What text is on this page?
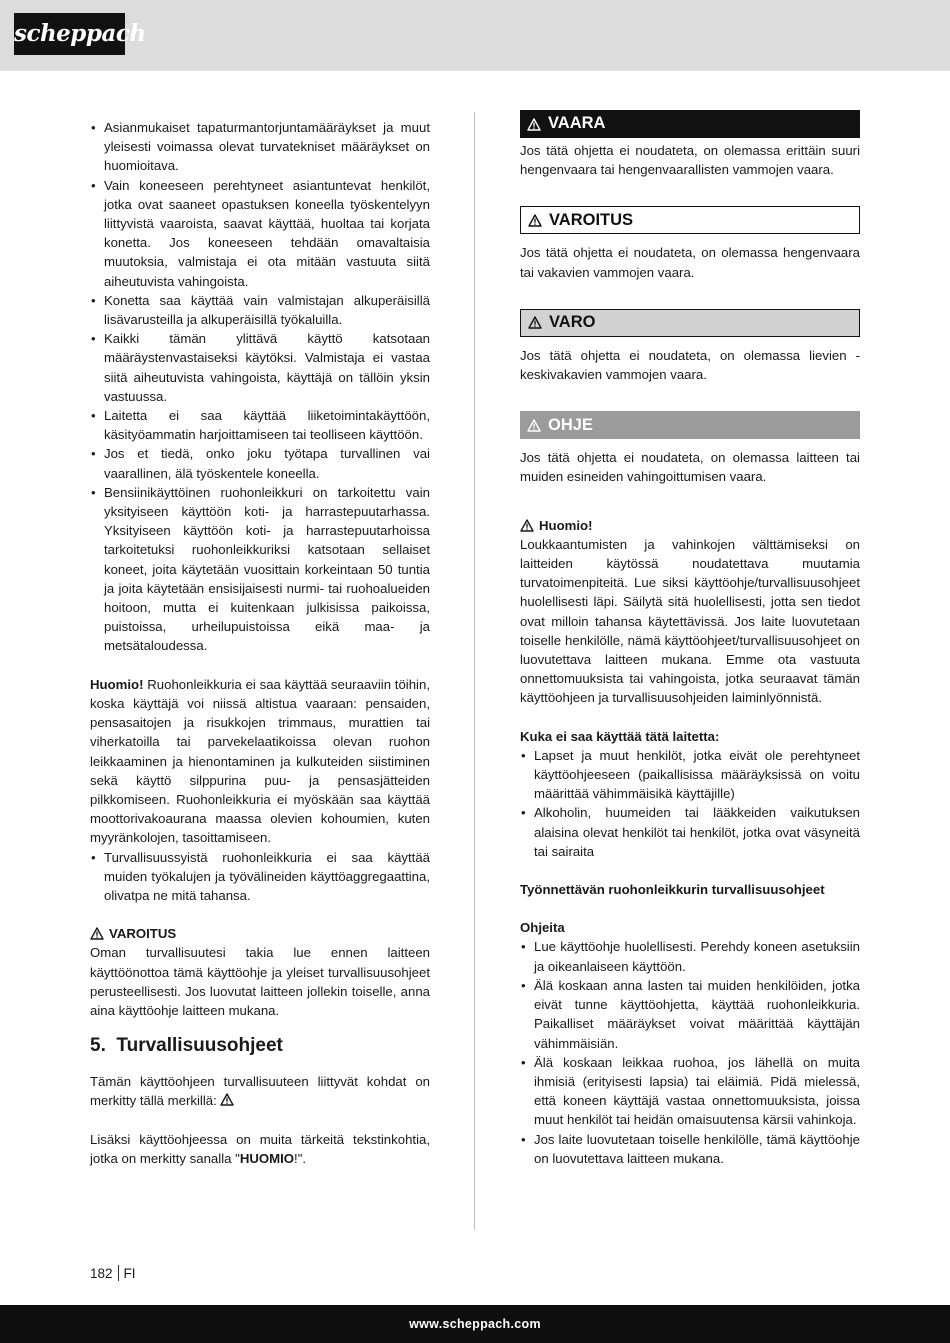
scheppach
• Asianmukaiset tapaturmantorjuntamääräykset ja muut yleisesti voimassa olevat turvatekniset määräykset on huomioitava.
• Vain koneeseen perehtyneet asiantuntevat henkilöt, jotka ovat saaneet opastuksen koneella työskentelyyn liittyvistä vaaroista, saavat käyttää, huoltaa tai korjata konetta. Jos koneeseen tehdään omavaltaisia muutoksia, valmistaja ei ota mitään vastuuta siitä aiheutuvista vahingoista.
• Konetta saa käyttää vain valmistajan alkuperäisillä lisävarusteilla ja alkuperäisillä työkaluilla.
• Kaikki tämän ylittävä käyttö katsotaan määräystenvastaiseksi käytöksi. Valmistaja ei vastaa siitä aiheutuvista vahingoista, käyttäjä on tällöin yksin vastuussa.
• Laitetta ei saa käyttää liiketoimintakäyttöön, käsityöammatin harjoittamiseen tai teolliseen käyttöön.
• Jos et tiedä, onko joku työtapa turvallinen vai vaarallinen, älä työskentele koneella.
• Bensiinikäyttöinen ruohonleikkuri on tarkoitettu vain yksityiseen käyttöön koti- ja harrastepuutarhassa. Yksityiseen käyttöön koti- ja harrastepuutarhoissa tarkoitetuksi ruohonleikkuriksi katsotaan sellaiset koneet, joita käytetään vuosittain korkeintaan 50 tuntia ja joita käytetään ensisijaisesti nurmi- tai ruohoalueiden hoitoon, mutta ei kuitenkaan julkisissa paikoissa, puistoissa, urheilupuistoissa eikä maa- ja metsätaloudessa.

Huomio! Ruohonleikkuria ei saa käyttää seuraaviin töihin, koska käyttäjä voi niissä altistua vaaraan: pensaiden, pensasaitojen ja risukkojen trimmaus, murattien tai viherkatoilla tai parvekelaatikoissa olevan ruohon leikkaaminen ja hienontaminen ja kulkuteiden siistiminen sekä käyttö silppurina puu- ja pensasjätteiden pilkkomiseen. Ruohonleikkuria ei myöskään saa käyttää moottorivakoaurana maassa olevien kohoumien, kuten myyränkolojen, tasoittamiseen.

• Turvallisuussyistä ruohonleikkuria ei saa käyttää muiden työkalujen ja työvälineiden käyttöaggregaattina, olivatpa ne mitä tahansa.
VAROITUS

Oman turvallisuutesi takia lue ennen laitteen käyttöönottoa tämä käyttöohje ja yleiset turvallisuusohjeet perusteellisesti. Jos luovutat laitteen jollekin toiselle, anna aina käyttöohje laitteen mukana.

5. Turvallisuusohjeet

Tämän käyttöohjeen turvallisuuteen liittyvät kohdat on merkitty tällä merkillä:

Lisäksi käyttöohjeessa on muita tärkeitä tekstinkohtia, jotka on merkitty sanalla "HUOMIO!".

VAARA

Jos tätä ohjetta ei noudateta, on olemassa erittäin suuri hengenvaara tai hengenvaarallisten vammojen vaara.

VAROITUS

Jos tätä ohjetta ei noudateta, on olemassa hengenvaara tai vakavien vammojen vaara.

VARO

Jos tätä ohjetta ei noudateta, on olemassa lievien - keskivakavien vammojen vaara.

OHJE

Jos tätä ohjetta ei noudateta, on olemassa laitteen tai muiden esineiden vahingoittumisen vaara.

Huomio!

Loukkaantumisten ja vahinkojen välttämiseksi on laitteiden käytössä noudatettava muutamia turvatoimenpiteitä. Lue siksi käyttöohje/turvallisuusohjeet huolellisesti läpi. Säilytä sitä huolellisesti, jotta sen tiedot ovat milloin tahansa käytettävissä. Jos laite luovutetaan toiselle henkilölle, nämä käyttöohjeet/turvallisuusohjeet on luovutettava laitteen mukana. Emme ota vastuuta onnettomuuksista tai vahingoista, jotka seuraavat tämän käyttöohjeen ja turvallisuusohjeiden laiminlyönnistä.

Kuka ei saa käyttää tätä laitetta:

• Lapset ja muut henkilöt, jotka eivät ole perehtyneet käyttöohjeeseen (paikallisissa määräyksissä on voitu määrittää vähimmäisikä käyttäjille)
• Alkoholin, huumeiden tai lääkkeiden vaikutuksen alaisina olevat henkilöt tai henkilöt, jotka ovat väsyneitä tai sairaita

Työnnettävän ruohonleikkurin turvallisuusohjeet

Ohjeita

• Lue käyttöohje huolellisesti. Perehdy koneen asetuksiin ja oikeanlaiseen käyttöön.
• Älä koskaan anna lasten tai muiden henkilöiden, jotka eivät tunne käyttöohjetta, käyttää ruohonleikkuria. Paikalliset määräykset voivat määrittää käyttäjän vähimmäisiän.
• Älä koskaan leikkaa ruohoa, jos lähellä on muita ihmisiä (erityisesti lapsia) tai eläimiä. Pidä mielessä, että koneen käyttäjä vastaa onnettomuuksista, joissa muut henkilöt tai heidän omaisuutensa kärsii vahinkoja.
• Jos laite luovutetaan toiselle henkilölle, tämä käyttöohje on luovutettava laitteen mukana.
182 FI
www.scheppach.com
